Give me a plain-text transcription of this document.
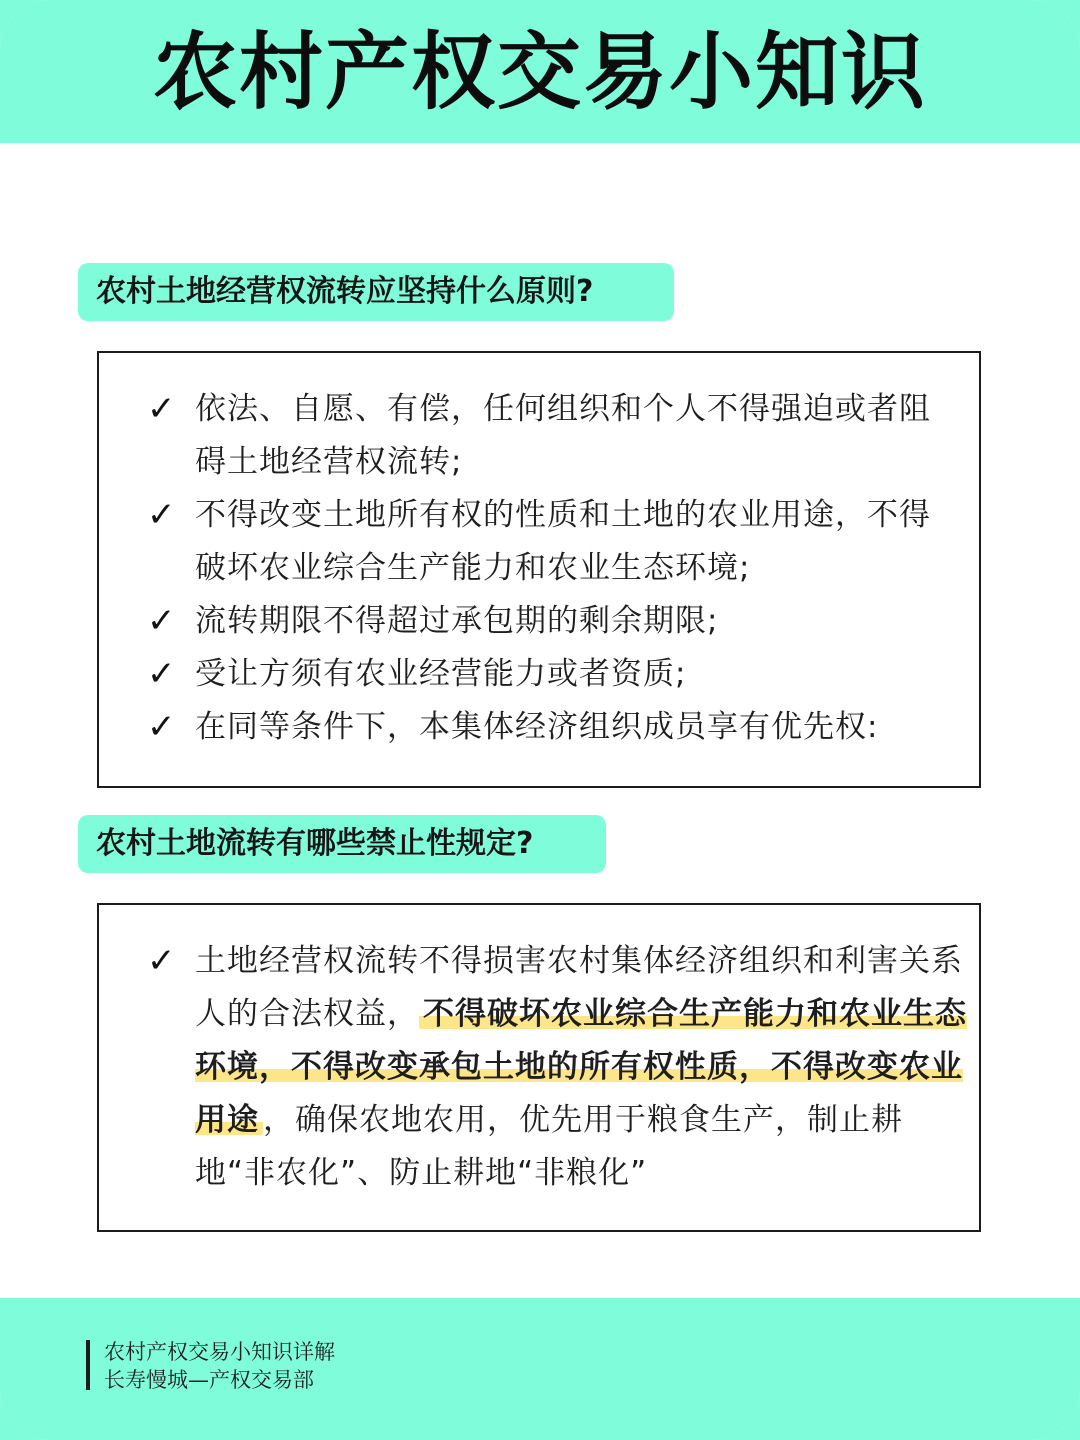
农村产权交易小知识
农村土地经营权流转应坚持什么原则?
✓ 依法、自愿、有偿，任何组织和个人不得强迫或者阻碍土地经营权流转;
✓ 不得改变土地所有权的性质和土地的农业用途，不得破坏农业综合生产能力和农业生态环境;
✓ 流转期限不得超过承包期的剩余期限;
✓ 受让方须有农业经营能力或者资质;
✓ 在同等条件下，本集体经济组织成员享有优先权:
农村土地流转有哪些禁止性规定?
✓ 土地经营权流转不得损害农村集体经济组织和利害关系人的合法权益， 不得破坏农业综合生产能力和农业生态环境，不得改变承包土地的所有权性质，不得改变农业用途 ，确保农地农用，优先用于粮食生产，制止耕地“非农化”、防止耕地“非粮化”
农村产权交易小知识详解
长寿慢城—产权交易部
